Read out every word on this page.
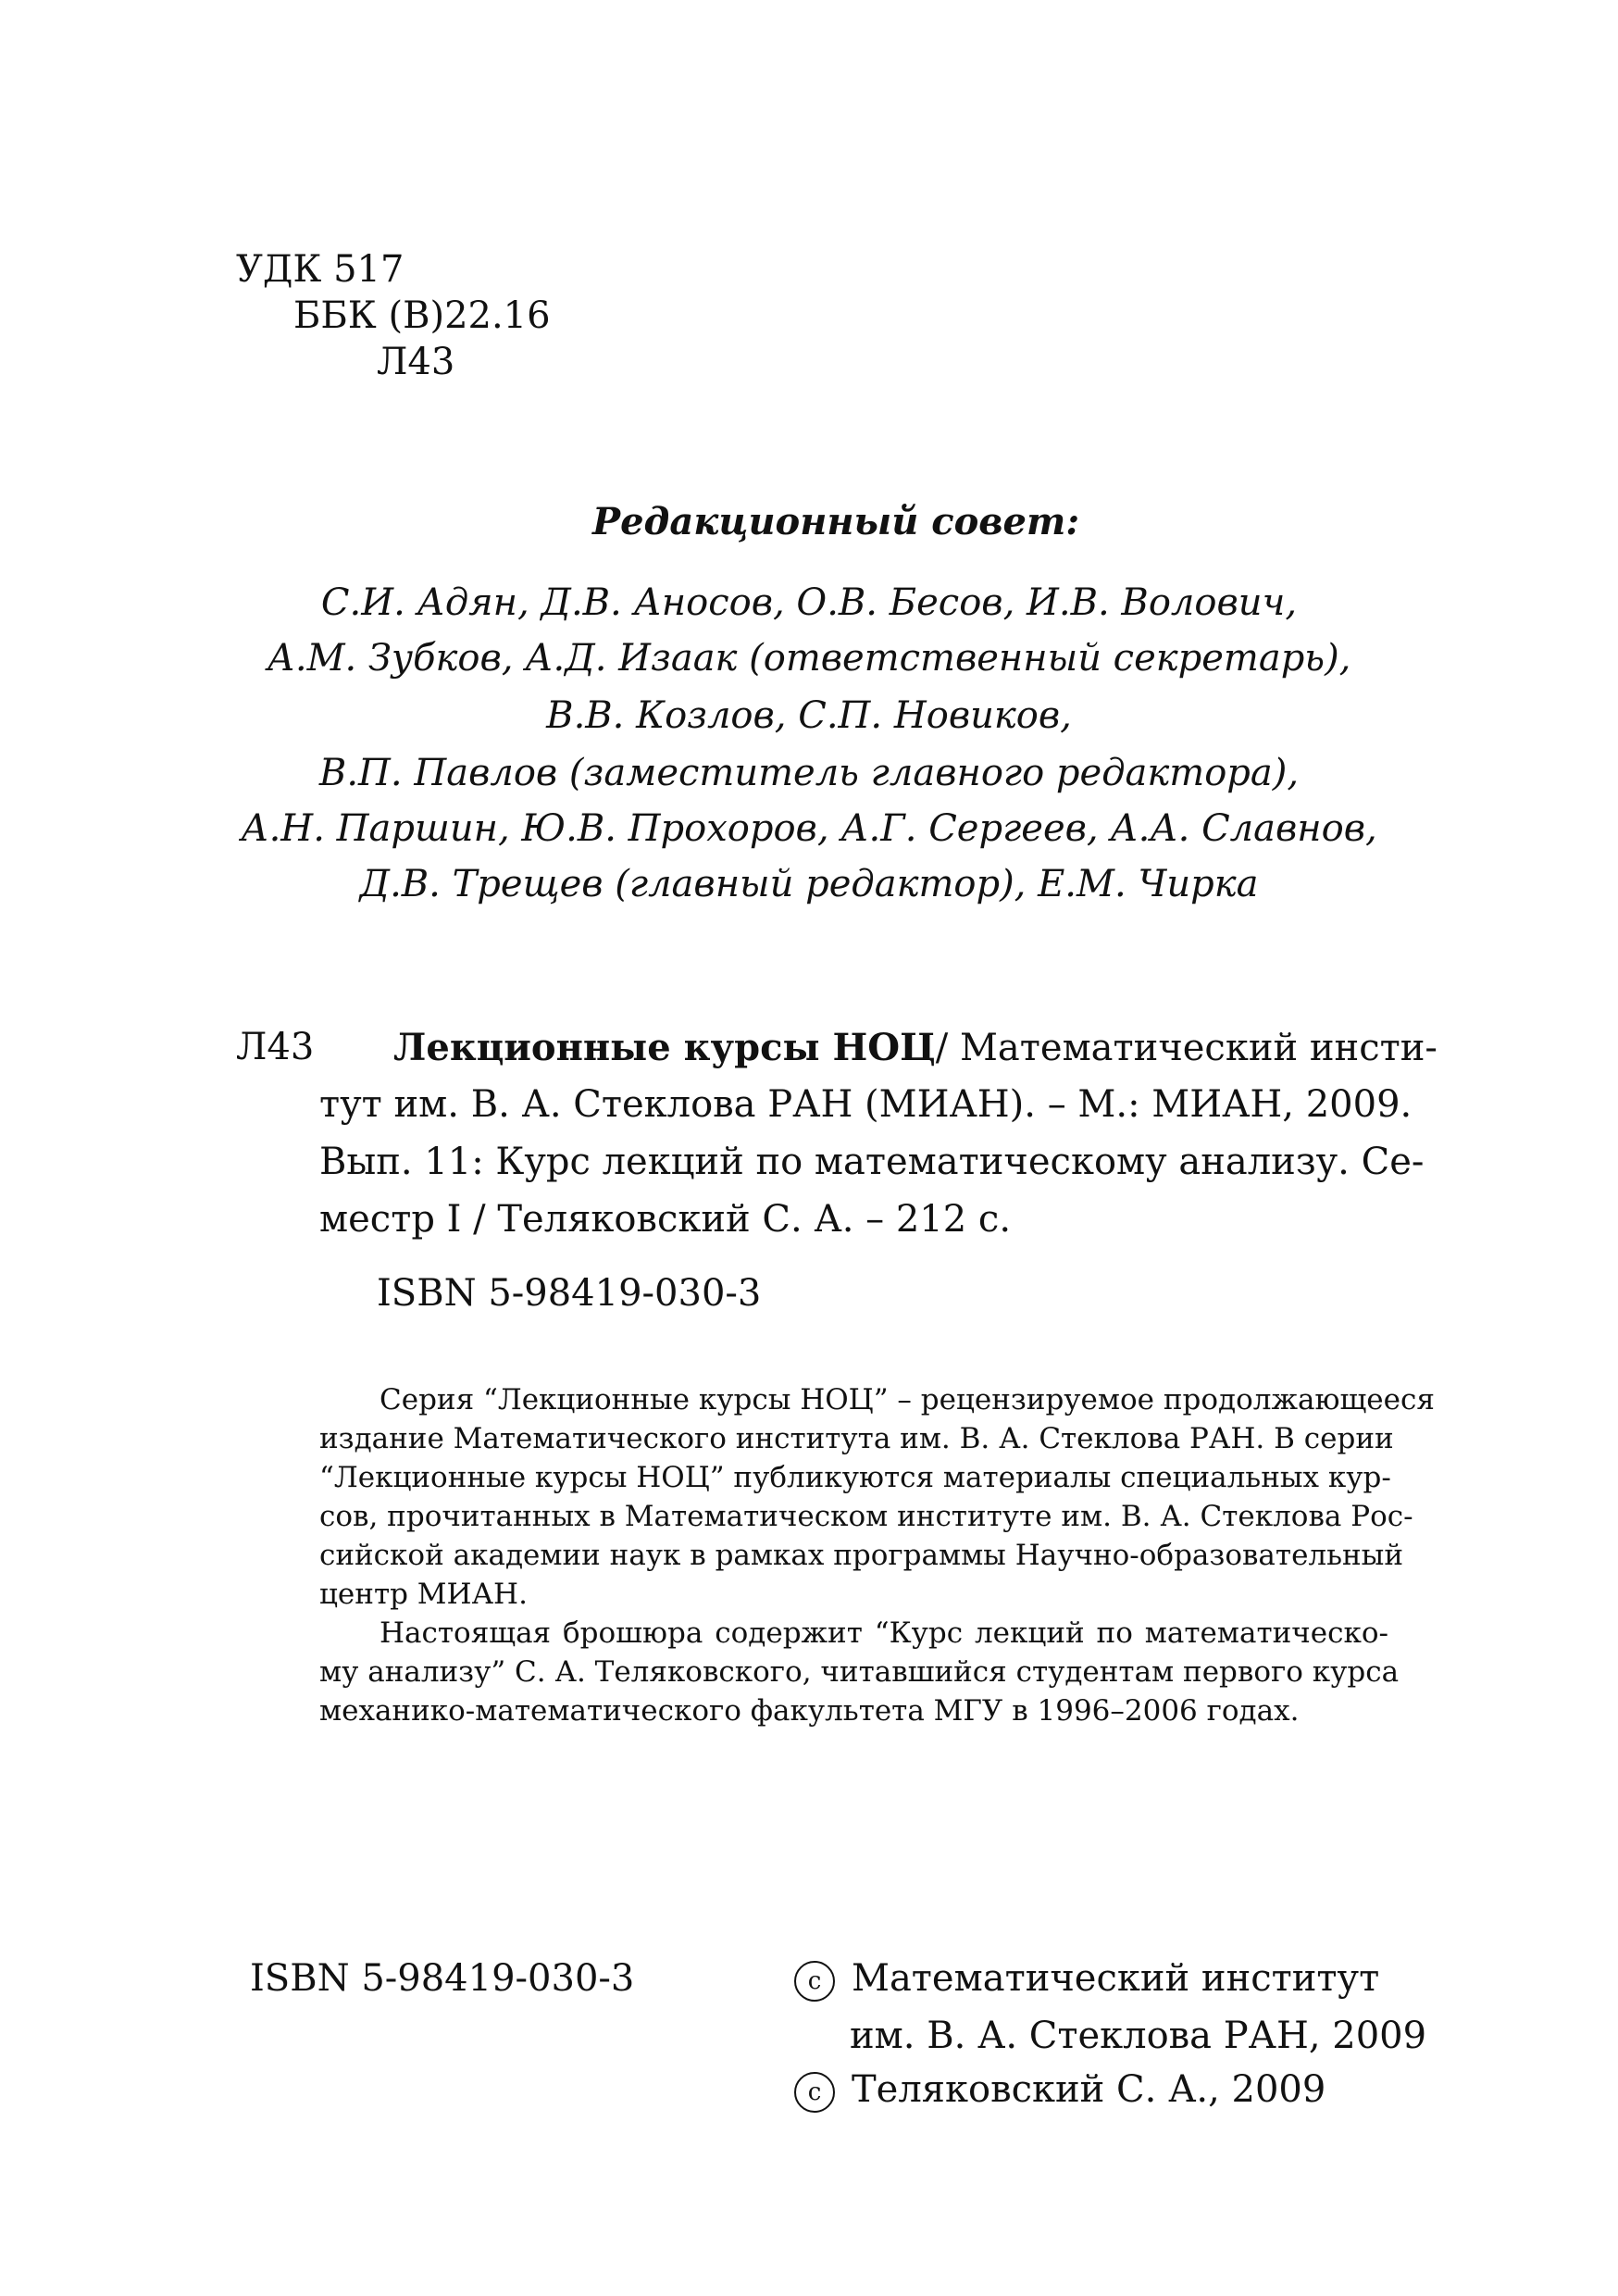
УДК 517
ББК (В)22.16
Л43
Редакционный совет:
С.И. Адян, Д.В. Аносов, О.В. Бесов, И.В. Волович,
А.М. Зубков, А.Д. Изаак (ответственный секретарь),
В.В. Козлов, С.П. Новиков,
В.П. Павлов (заместитель главного редактора),
А.Н. Паршин, Ю.В. Прохоров, А.Г. Сергеев, А.А. Славнов,
Д.В. Трещев (главный редактор), Е.М. Чирка
Л43 Лекционные курсы НОЦ/ Математический инсти-
тут им. В. А. Стеклова РАН (МИАН). – М.: МИАН, 2009.
Вып. 11: Курс лекций по математическому анализу. Се-
местр I / Теляковский С. А. – 212 с.
ISBN 5-98419-030-3
Серия “Лекционные курсы НОЦ” – рецензируемое продолжающееся
издание Математического института им. В. А. Стеклова РАН. В серии
“Лекционные курсы НОЦ” публикуются материалы специальных кур-
сов, прочитанных в Математическом институте им. В. А. Стеклова Рос-
сийской академии наук в рамках программы Научно-образовательный
центр МИАН.
Настоящая брошюра содержит “Курс лекций по математическо-
му анализу” С. А. Теляковского, читавшийся студентам первого курса
механико-математического факультета МГУ в 1996–2006 годах.
ISBN 5-98419-030-3	c Математический институт
им. В. А. Стеклова РАН, 2009
c Теляковский С. А., 2009
